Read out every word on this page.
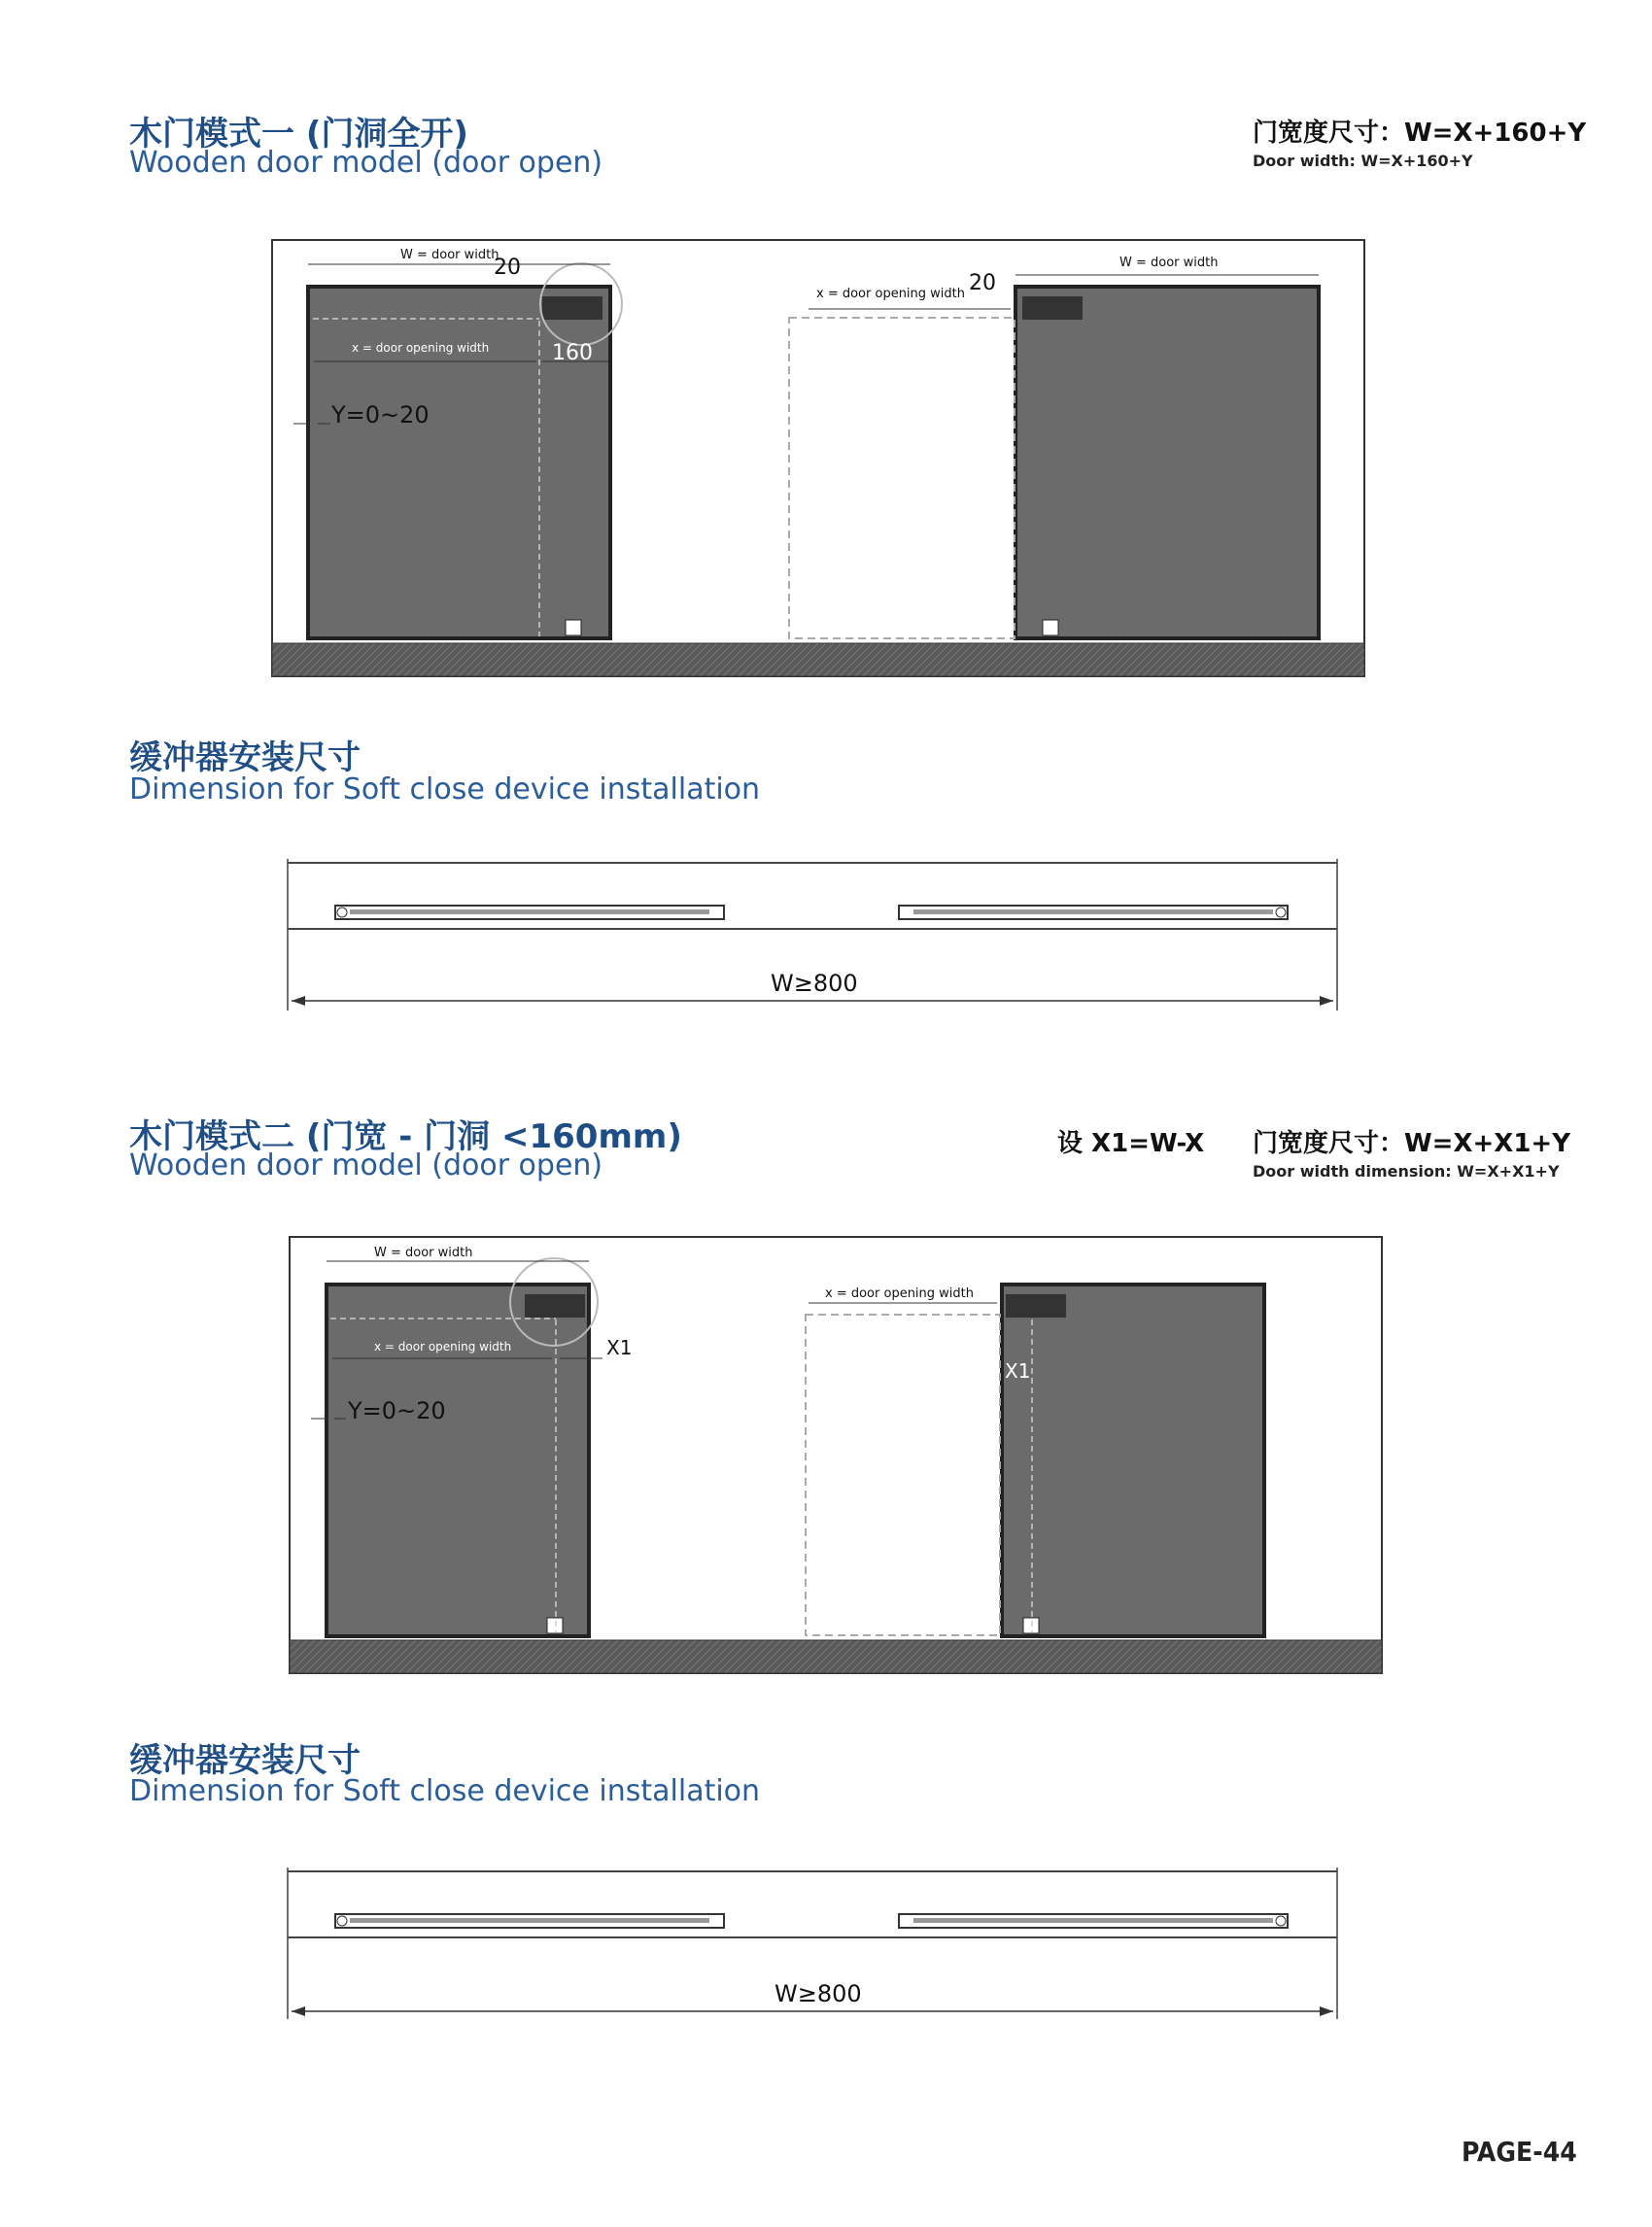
木门模式一 (门洞全开)
Wooden door model (door open)
门宽度尺寸：W=X+160+Y
Door width: W=X+160+Y
W = door width
20
x = door opening width	160
Y=0~20
x = door opening width 20
W = door width
缓冲器安装尺寸
Dimension for Soft close device installation
W≥800
木门模式二 (门宽 - 门洞 <160mm)
Wooden door model (door open)
设 X1=W-X 门宽度尺寸：W=X+X1+Y
Door width dimension: W=X+X1+Y
W = door width
x = door opening width	X1
Y=0~20
x = door opening width
X1
缓冲器安装尺寸
Dimension for Soft close device installation
W≥800
PAGE-44
